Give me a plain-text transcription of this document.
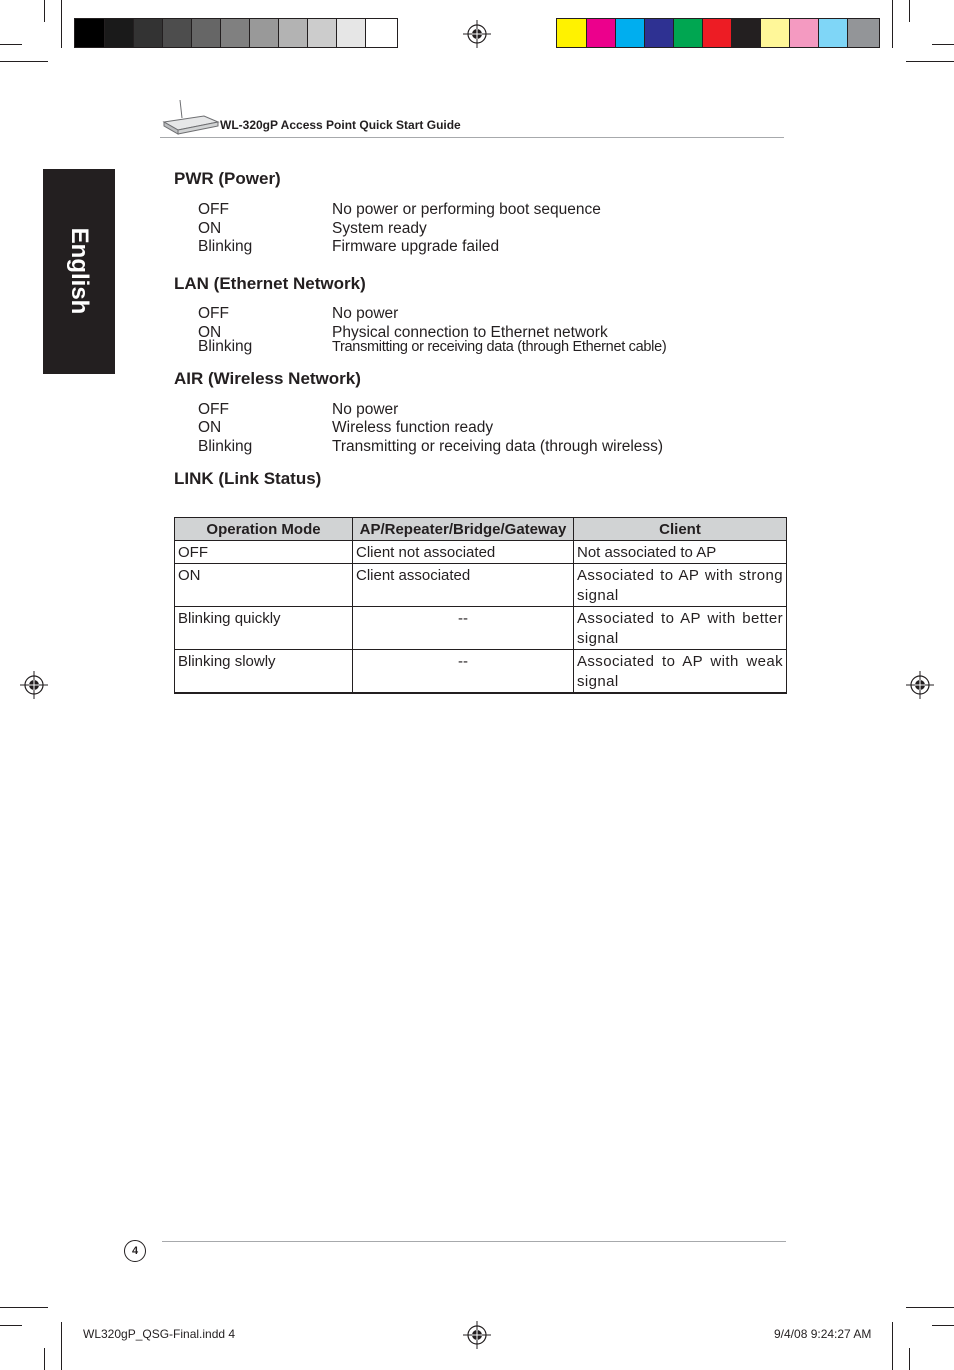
WL-320gP Access Point Quick Start Guide
English
PWR (Power)
OFF	No power or performing boot sequence
ON	System ready
Blinking	Firmware upgrade failed
LAN (Ethernet Network)
OFF	No power
ON	Physical connection to Ethernet network
Blinking	Transmitting or receiving data (through Ethernet cable)
AIR (Wireless Network)
OFF	No power
ON	Wireless function ready
Blinking	Transmitting or receiving data (through wireless)
LINK (Link Status)
Operation Mode	AP/Repeater/Bridge/Gateway	Client
OFF	Client not associated	Not associated to AP
ON	Client associated	Associated to AP with strong signal
Blinking quickly	--	Associated to AP with better signal
Blinking slowly	--	Associated to AP with weak signal
4
WL320gP_QSG-Final.indd 4	9/4/08 9:24:27 AM
